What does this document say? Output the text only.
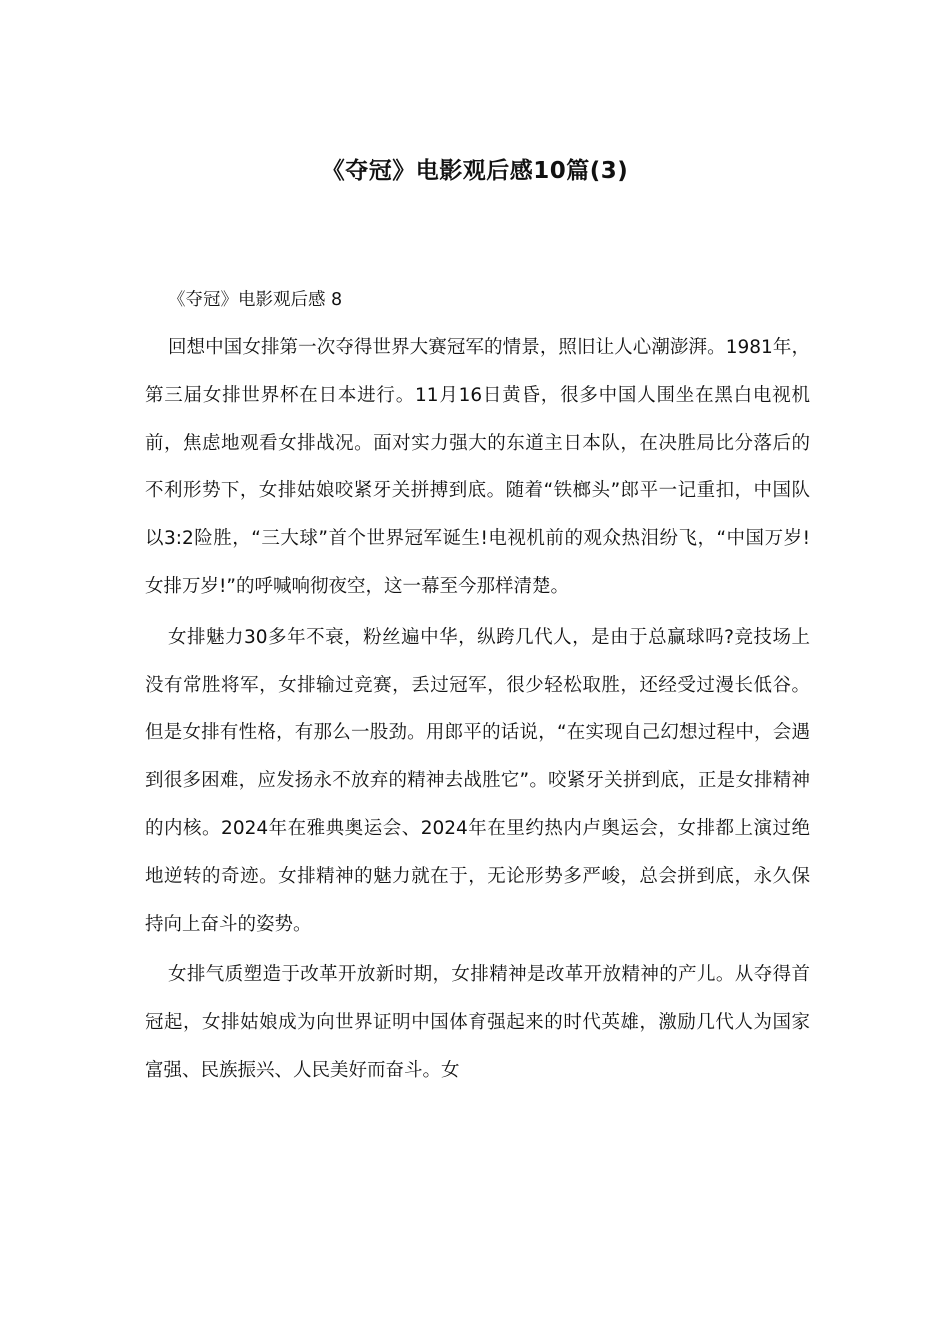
《夺冠》电影观后感10篇(3)

《夺冠》电影观后感 8

回想中国女排第一次夺得世界大赛冠军的情景，照旧让人心潮澎湃。1981年，第三届女排世界杯在日本进行。11月16日黄昏，很多中国人围坐在黑白电视机前，焦虑地观看女排战况。面对实力强大的东道主日本队，在决胜局比分落后的不利形势下，女排姑娘咬紧牙关拼搏到底。随着“铁榔头”郎平一记重扣，中国队以3:2险胜，“三大球”首个世界冠军诞生!电视机前的观众热泪纷飞，“中国万岁!女排万岁!”的呼喊响彻夜空，这一幕至今那样清楚。

女排魅力30多年不衰，粉丝遍中华，纵跨几代人，是由于总赢球吗?竞技场上没有常胜将军，女排输过竞赛，丢过冠军，很少轻松取胜，还经受过漫长低谷。但是女排有性格，有那么一股劲。用郎平的话说，“在实现自己幻想过程中，会遇到很多困难，应发扬永不放弃的精神去战胜它”。咬紧牙关拼到底，正是女排精神的内核。2024年在雅典奥运会、2024年在里约热内卢奥运会，女排都上演过绝地逆转的奇迹。女排精神的魅力就在于，无论形势多严峻，总会拼到底，永久保持向上奋斗的姿势。

女排气质塑造于改革开放新时期，女排精神是改革开放精神的产儿。从夺得首冠起，女排姑娘成为向世界证明中国体育强起来的时代英雄，激励几代人为国家富强、民族振兴、人民美好而奋斗。女
